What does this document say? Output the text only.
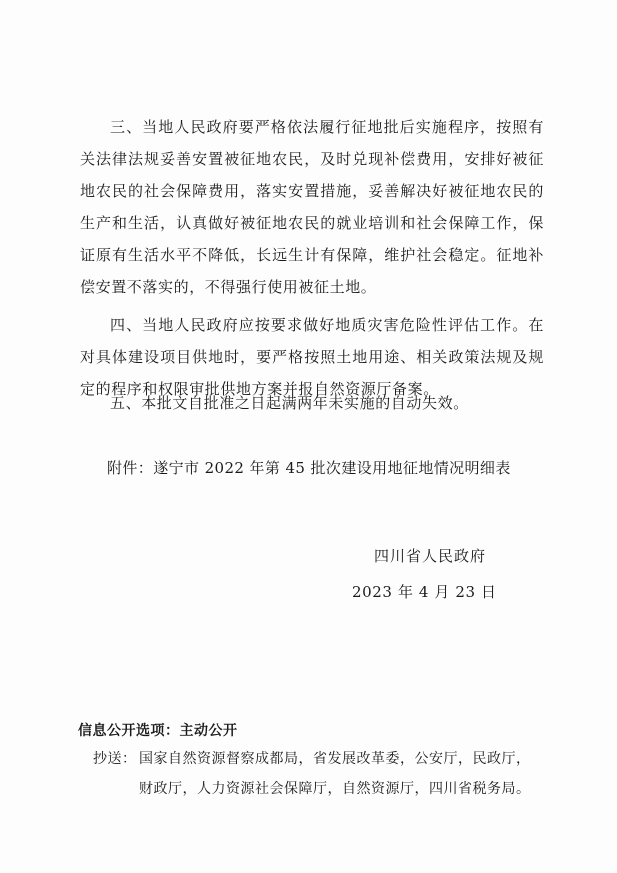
三、当地人民政府要严格依法履行征地批后实施程序，按照有关法律法规妥善安置被征地农民，及时兑现补偿费用，安排好被征地农民的社会保障费用，落实安置措施，妥善解决好被征地农民的生产和生活，认真做好被征地农民的就业培训和社会保障工作，保证原有生活水平不降低，长远生计有保障，维护社会稳定。征地补偿安置不落实的，不得强行使用被征土地。

四、当地人民政府应按要求做好地质灾害危险性评估工作。在对具体建设项目供地时，要严格按照土地用途、相关政策法规及规定的程序和权限审批供地方案并报自然资源厅备案。

五、本批文自批准之日起满两年未实施的自动失效。

附件：遂宁市 2022 年第 45 批次建设用地征地情况明细表
四川省人民政府
2023 年 4 月 23 日
信息公开选项：主动公开
抄送： 国家自然资源督察成都局，省发展改革委，公安厅，民政厅，
财政厅，人力资源社会保障厅，自然资源厅，四川省税务局。
